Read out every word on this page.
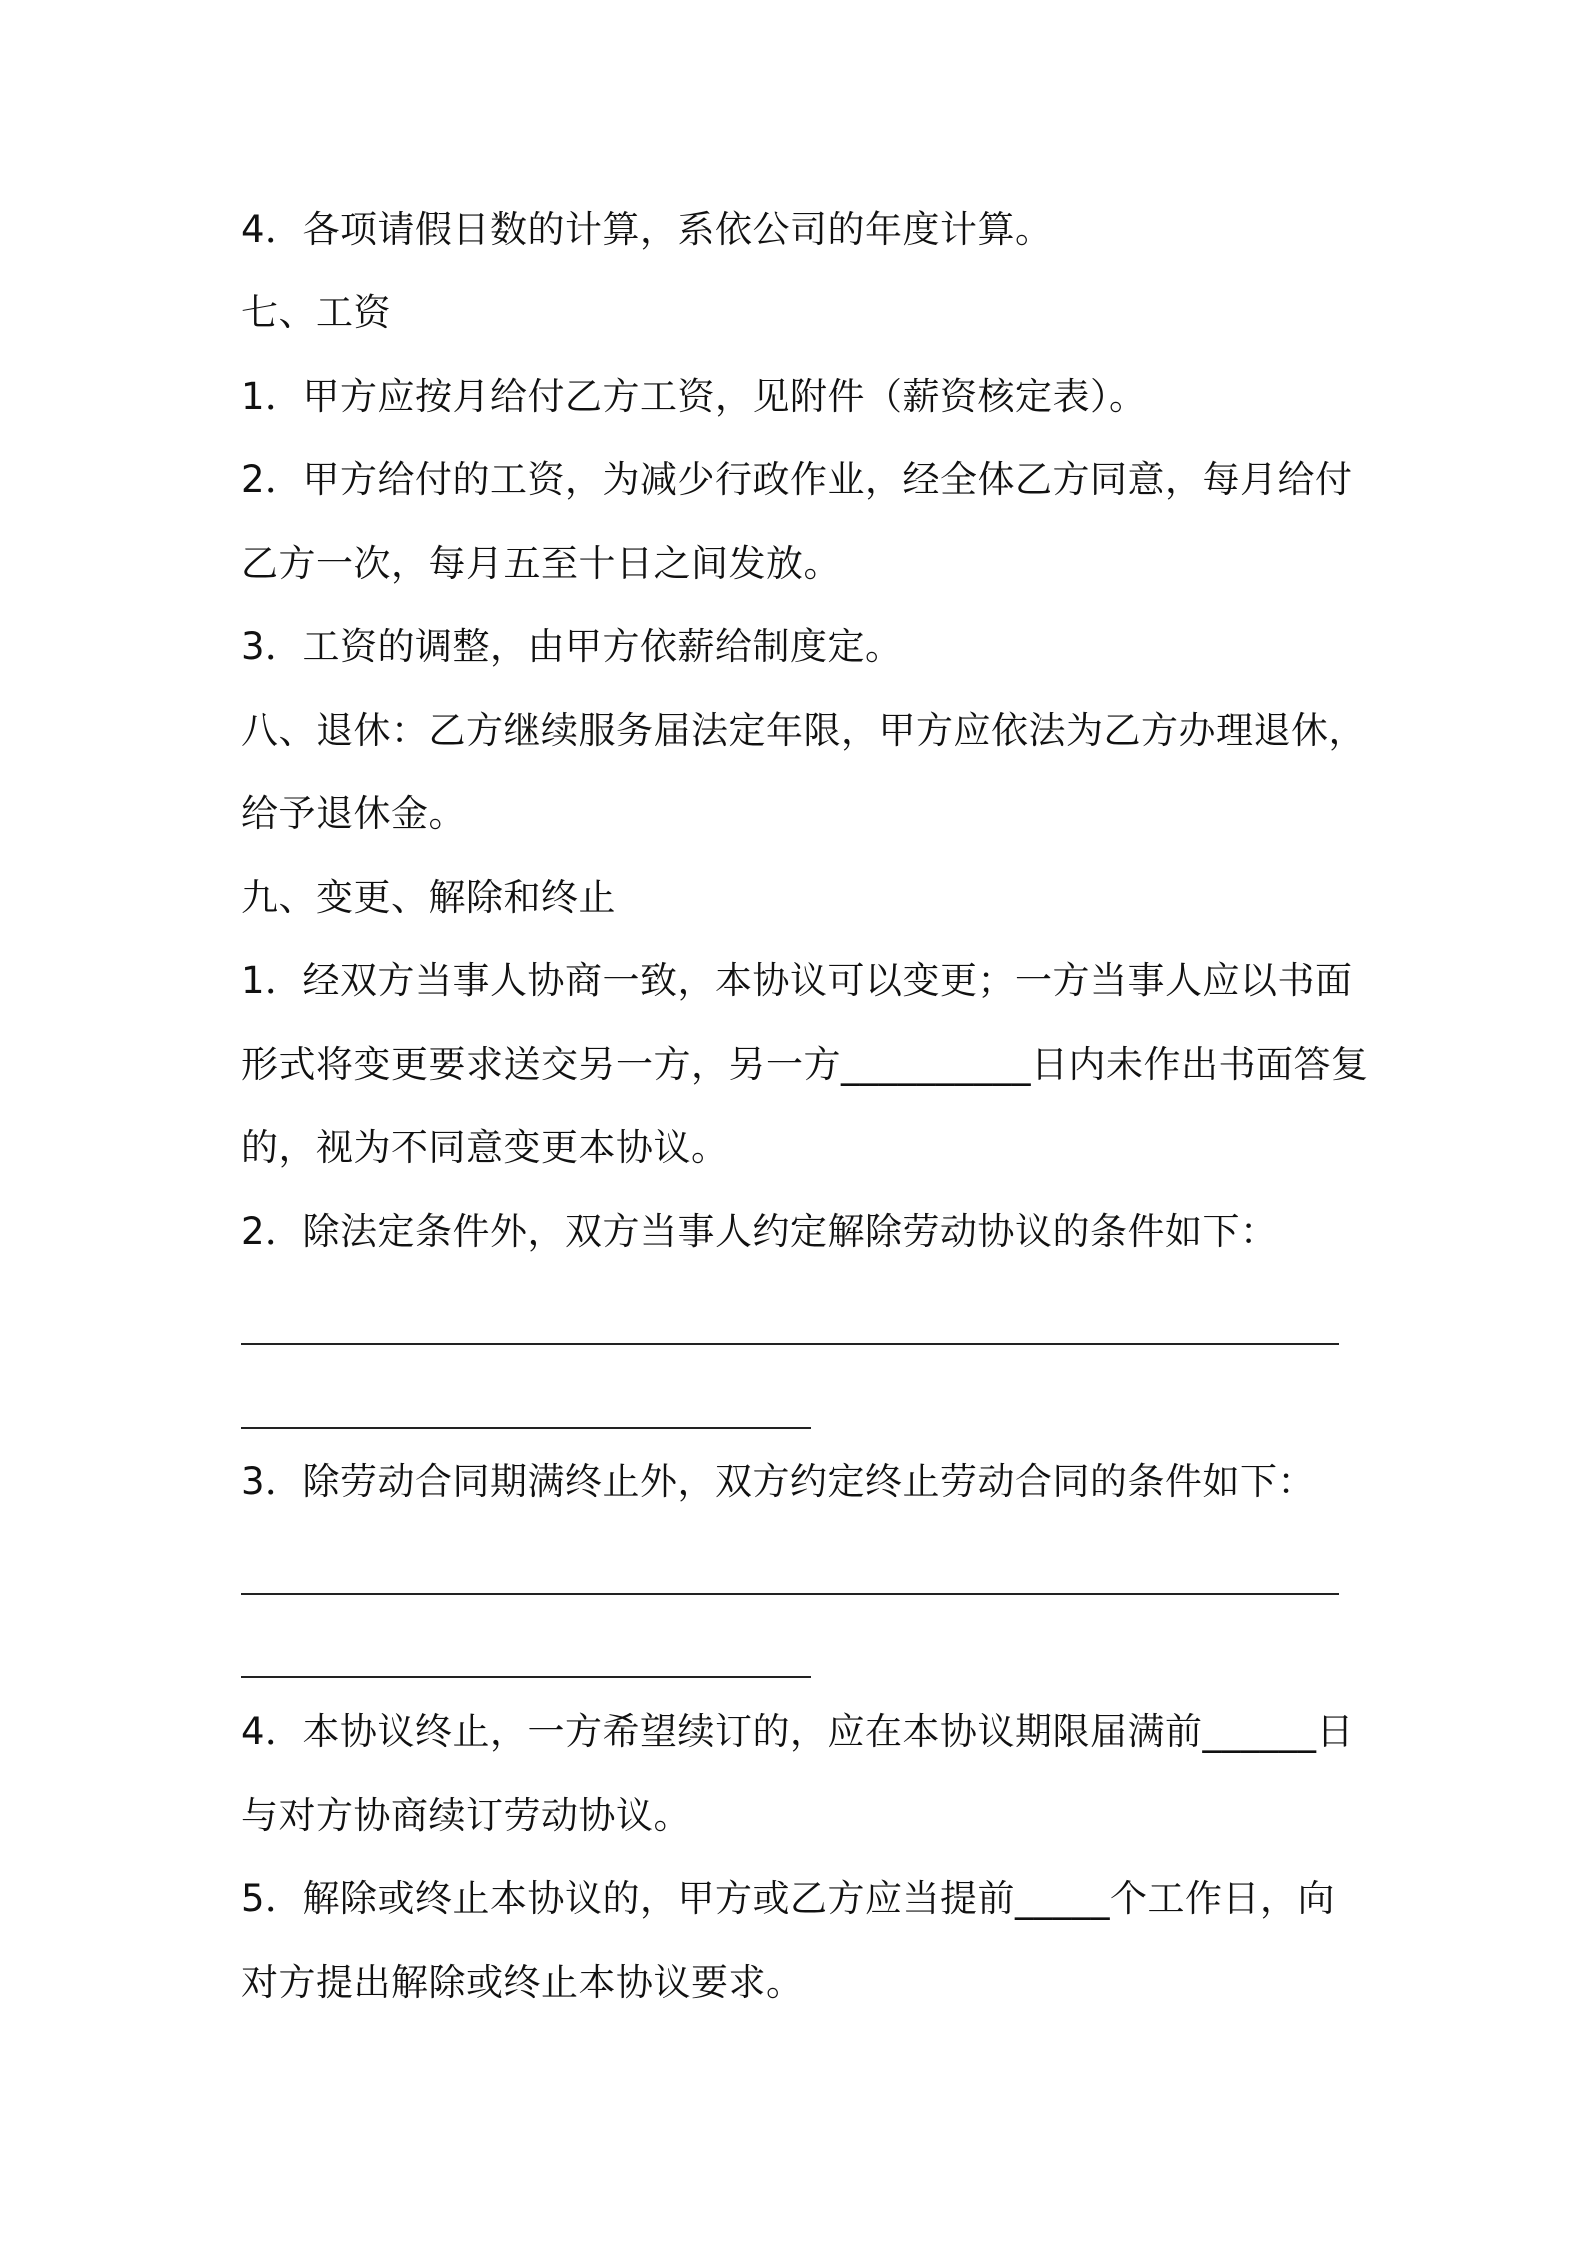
4．各项请假日数的计算，系依公司的年度计算。
七、工资
1．甲方应按月给付乙方工资，见附件（薪资核定表）。
2．甲方给付的工资，为减少行政作业，经全体乙方同意，每月给付
乙方一次，每月五至十日之间发放。
3．工资的调整，由甲方依薪给制度定。
八、退休：乙方继续服务届法定年限，甲方应依法为乙方办理退休，
给予退休金。
九、变更、解除和终止
1．经双方当事人协商一致，本协议可以变更；一方当事人应以书面
形式将变更要求送交另一方，另一方__________日内未作出书面答复
的，视为不同意变更本协议。
2．除法定条件外，双方当事人约定解除劳动协议的条件如下：
3．除劳动合同期满终止外，双方约定终止劳动合同的条件如下：
4．本协议终止，一方希望续订的，应在本协议期限届满前______日
与对方协商续订劳动协议。
5．解除或终止本协议的，甲方或乙方应当提前_____个工作日，向
对方提出解除或终止本协议要求。
